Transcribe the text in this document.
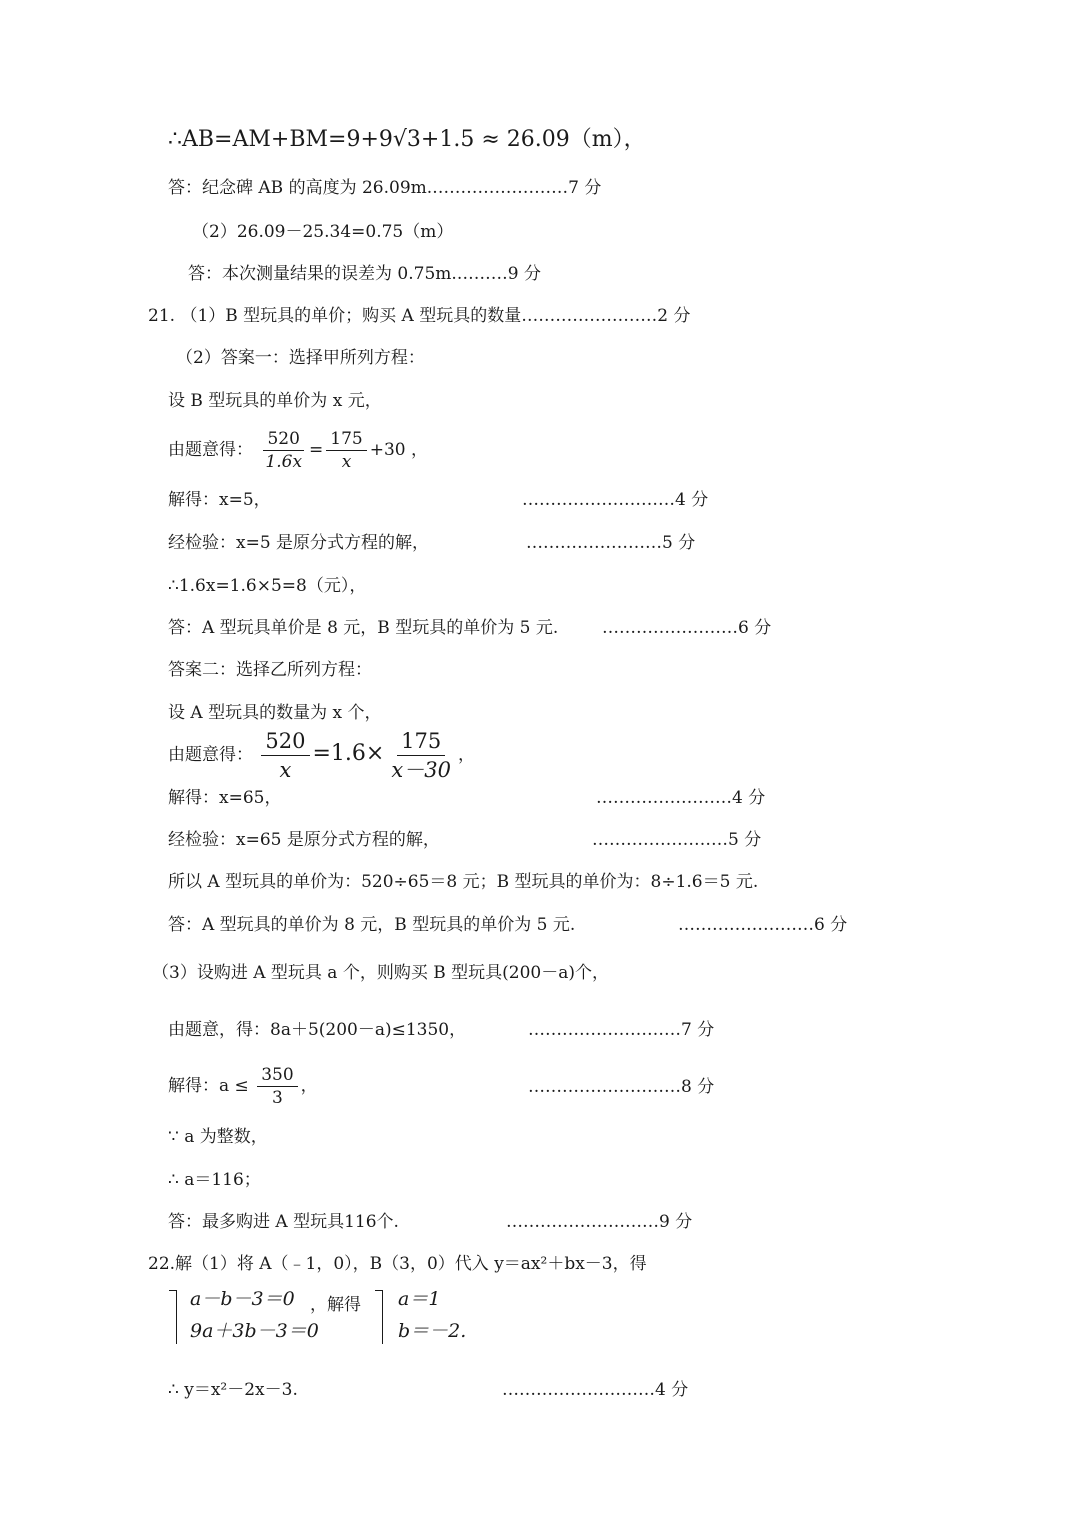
∴AB=AM+BM=9+9√3+1.5 ≈ 26.09（m），
答：纪念碑 AB 的高度为 26.09m.……………………7 分
（2）26.09－25.34=0.75（m）
答：本次测量结果的误差为 0.75m.………9 分
21. （1）B 型玩具的单价；购买 A 型玩具的数量……………………2 分
（2）答案一：选择甲所列方程：
设 B 型玩具的单价为 x 元，
由题意得： $\frac{520}{1.6x} = \frac{175}{x} +30$ ，
解得：x=5，	………………………4 分
经检验：x=5 是原分式方程的解，	……………………5 分
∴1.6x=1.6×5=8（元），
答：A 型玩具单价是 8 元，B 型玩具的单价为 5 元.	……………………6 分
答案二：选择乙所列方程：
设 A 型玩具的数量为 x 个，
由题意得： $\frac{520}{x} =1.6\times \frac{175}{x-30}$ ，
解得：x=65，	……………………4 分
经检验：x=65 是原分式方程的解，	……………………5 分
所以 A 型玩具的单价为：520÷65＝8 元；B 型玩具的单价为：8÷1.6＝5 元.
答：A 型玩具的单价为 8 元，B 型玩具的单价为 5 元.	……………………6 分
（3）设购进 A 型玩具 a 个，则购买 B 型玩具(200－a)个，
由题意，得：8a＋5(200－a)≤1350，	………………………7 分
解得：$a \le \frac{350}{3}$ ，	………………………8 分
∵ a 为整数，
∴ a＝116；
答：最多购进 A 型玩具116个.	………………………9 分
22.解（1）将 A（﹣1，0），B（3，0）代入 y＝ax²＋bx－3，得
a－b－3＝0
9a＋3b－3＝0
，解得 a＝1
b＝－2.
∴ y＝x²－2x－3.	………………………4 分
